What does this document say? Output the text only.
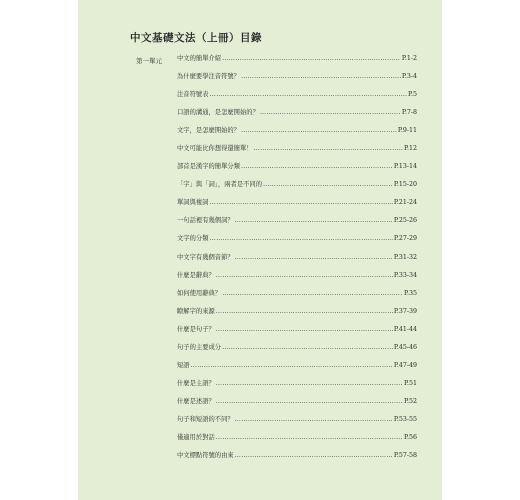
中文基礎文法（上冊）目錄
第一單元 中文的簡單介紹 ………………………………………………………………………………………………………………………………	P.1-2
為什麼要學注音符號？ ………………………………………………………………………………………………………………………………	P.3-4
注音符號表 ………………………………………………………………………………………………………………………………	P.5
口語的溝通，是怎麼開始的？ ………………………………………………………………………………………………………………………………	P.7-8
文字，是怎麼開始的？ ………………………………………………………………………………………………………………………………	P.9-11
中文可能比你想得還簡單！ ………………………………………………………………………………………………………………………………	P.12
部首是漢字的簡單分類 ………………………………………………………………………………………………………………………………	P.13-14
「字」與「詞」，兩者是不同的 ………………………………………………………………………………………………………………………………	P.15-20
單詞與複詞 ………………………………………………………………………………………………………………………………	P.21-24
一句話裡有幾個詞？ ………………………………………………………………………………………………………………………………	P.25-26
文字的分類 ………………………………………………………………………………………………………………………………	P.27-29
中文字有幾個音節？ ………………………………………………………………………………………………………………………………	P.31-32
什麼是辭典？ ………………………………………………………………………………………………………………………………	P.33-34
如何使用辭典？ ………………………………………………………………………………………………………………………………	P.35
瞭解字的來源 ………………………………………………………………………………………………………………………………	P.37-39
什麼是句子？ ………………………………………………………………………………………………………………………………	P.41-44
句子的主要成分 ………………………………………………………………………………………………………………………………	P.45-46
短語 ………………………………………………………………………………………………………………………………	P.47-49
什麼是主語？ ………………………………………………………………………………………………………………………………	P.51
什麼是述語？ ………………………………………………………………………………………………………………………………	P.52
句子和短語的不同？ ………………………………………………………………………………………………………………………………	P.53-55
僅適用於對話 ………………………………………………………………………………………………………………………………	P.56
中文標點符號的由來 ………………………………………………………………………………………………………………………………	P.57-58
